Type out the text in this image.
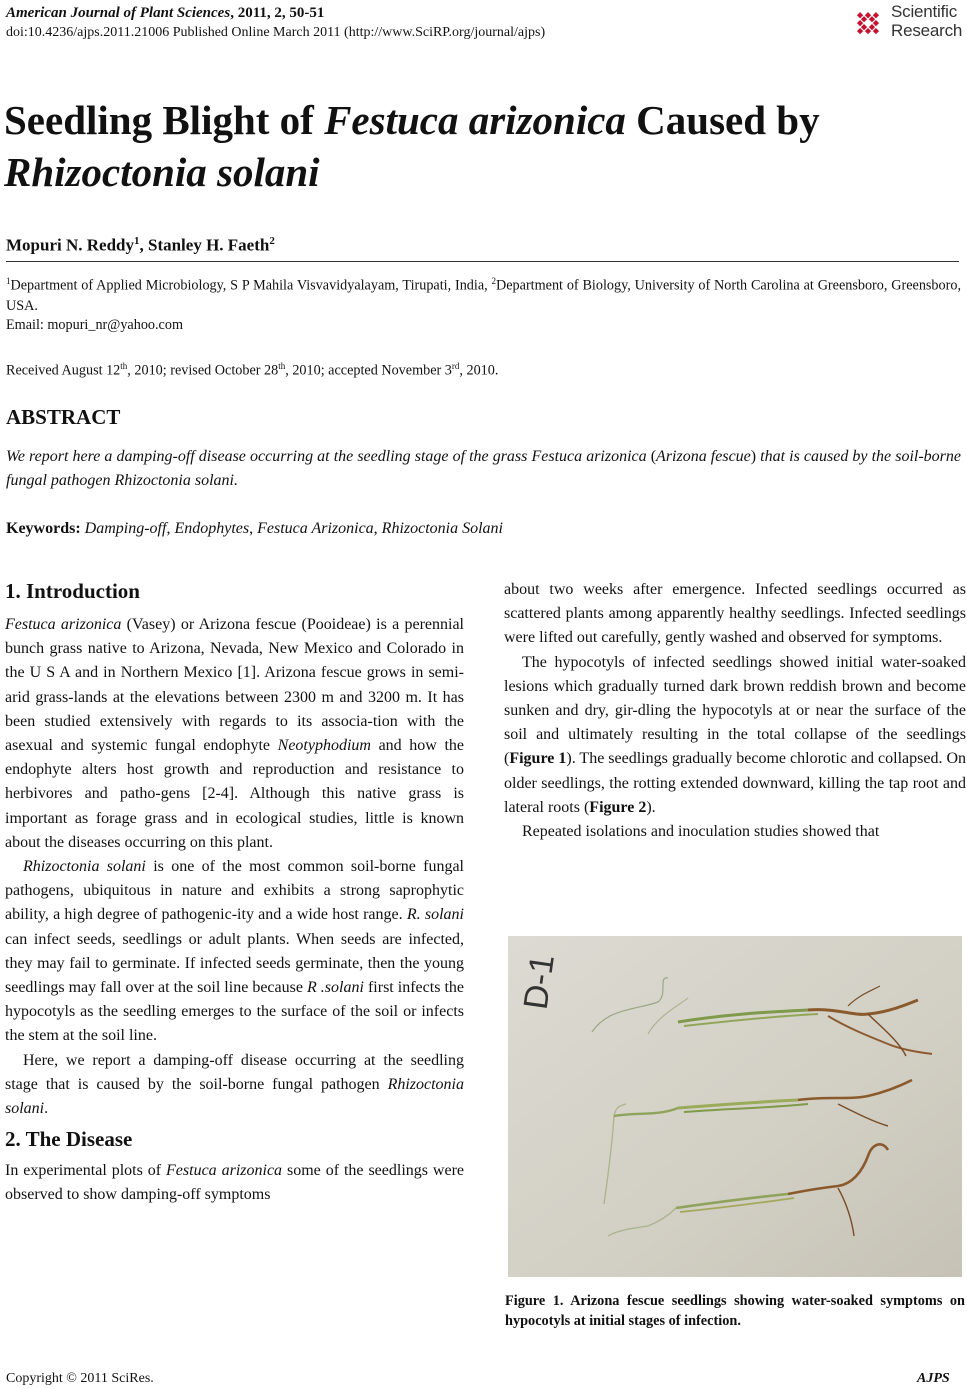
American Journal of Plant Sciences, 2011, 2, 50-51
doi:10.4236/ajps.2011.21006 Published Online March 2011 (http://www.SciRP.org/journal/ajps)
Scientific
Research
Seedling Blight of Festuca arizonica Caused by
Rhizoctonia solani
Mopuri N. Reddy$^1$, Stanley H. Faeth$^2$
$^1$Department of Applied Microbiology, S P Mahila Visvavidyalayam, Tirupati, India, $^2$Department of Biology, University of North Carolina at Greensboro, Greensboro, USA.
Email: mopuri_nr@yahoo.com
Received August 12th, 2010; revised October 28th, 2010; accepted November 3rd, 2010.
ABSTRACT
We report here a damping-off disease occurring at the seedling stage of the grass Festuca arizonica (Arizona fescue) that is caused by the soil-borne fungal pathogen Rhizoctonia solani.
Keywords: Damping-off, Endophytes, Festuca Arizonica, Rhizoctonia Solani
1. Introduction

Festuca arizonica (Vasey) or Arizona fescue (Pooideae) is a perennial bunch grass native to Arizona, Nevada, New Mexico and Colorado in the U S A and in Northern Mexico [1]. Arizona fescue grows in semi-arid grass-lands at the elevations between 2300 m and 3200 m. It has been studied extensively with regards to its associa-tion with the asexual and systemic fungal endophyte Neotyphodium and how the endophyte alters host growth and reproduction and resistance to herbivores and patho-gens [2-4]. Although this native grass is important as forage grass and in ecological studies, little is known about the diseases occurring on this plant.

Rhizoctonia solani is one of the most common soil-borne fungal pathogens, ubiquitous in nature and exhibits a strong saprophytic ability, a high degree of pathogenic-ity and a wide host range. R. solani can infect seeds, seedlings or adult plants. When seeds are infected, they may fail to germinate. If infected seeds germinate, then the young seedlings may fall over at the soil line because R .solani first infects the hypocotyls as the seedling emerges to the surface of the soil or infects the stem at the soil line.

Here, we report a damping-off disease occurring at the seedling stage that is caused by the soil-borne fungal pathogen Rhizoctonia solani.

2. The Disease

In experimental plots of Festuca arizonica some of the seedlings were observed to show damping-off symptoms

about two weeks after emergence. Infected seedlings occurred as scattered plants among apparently healthy seedlings. Infected seedlings were lifted out carefully, gently washed and observed for symptoms.

The hypocotyls of infected seedlings showed initial water-soaked lesions which gradually turned dark brown reddish brown and become sunken and dry, gir-dling the hypocotyls at or near the surface of the soil and ultimately resulting in the total collapse of the seedlings (Figure 1). The seedlings gradually become chlorotic and collapsed. On older seedlings, the rotting extended downward, killing the tap root and lateral roots (Figure 2).

Repeated isolations and inoculation studies showed that

D-1
Figure 1. Arizona fescue seedlings showing water-soaked symptoms on hypocotyls at initial stages of infection.
Copyright © 2011 SciRes.	AJPS
